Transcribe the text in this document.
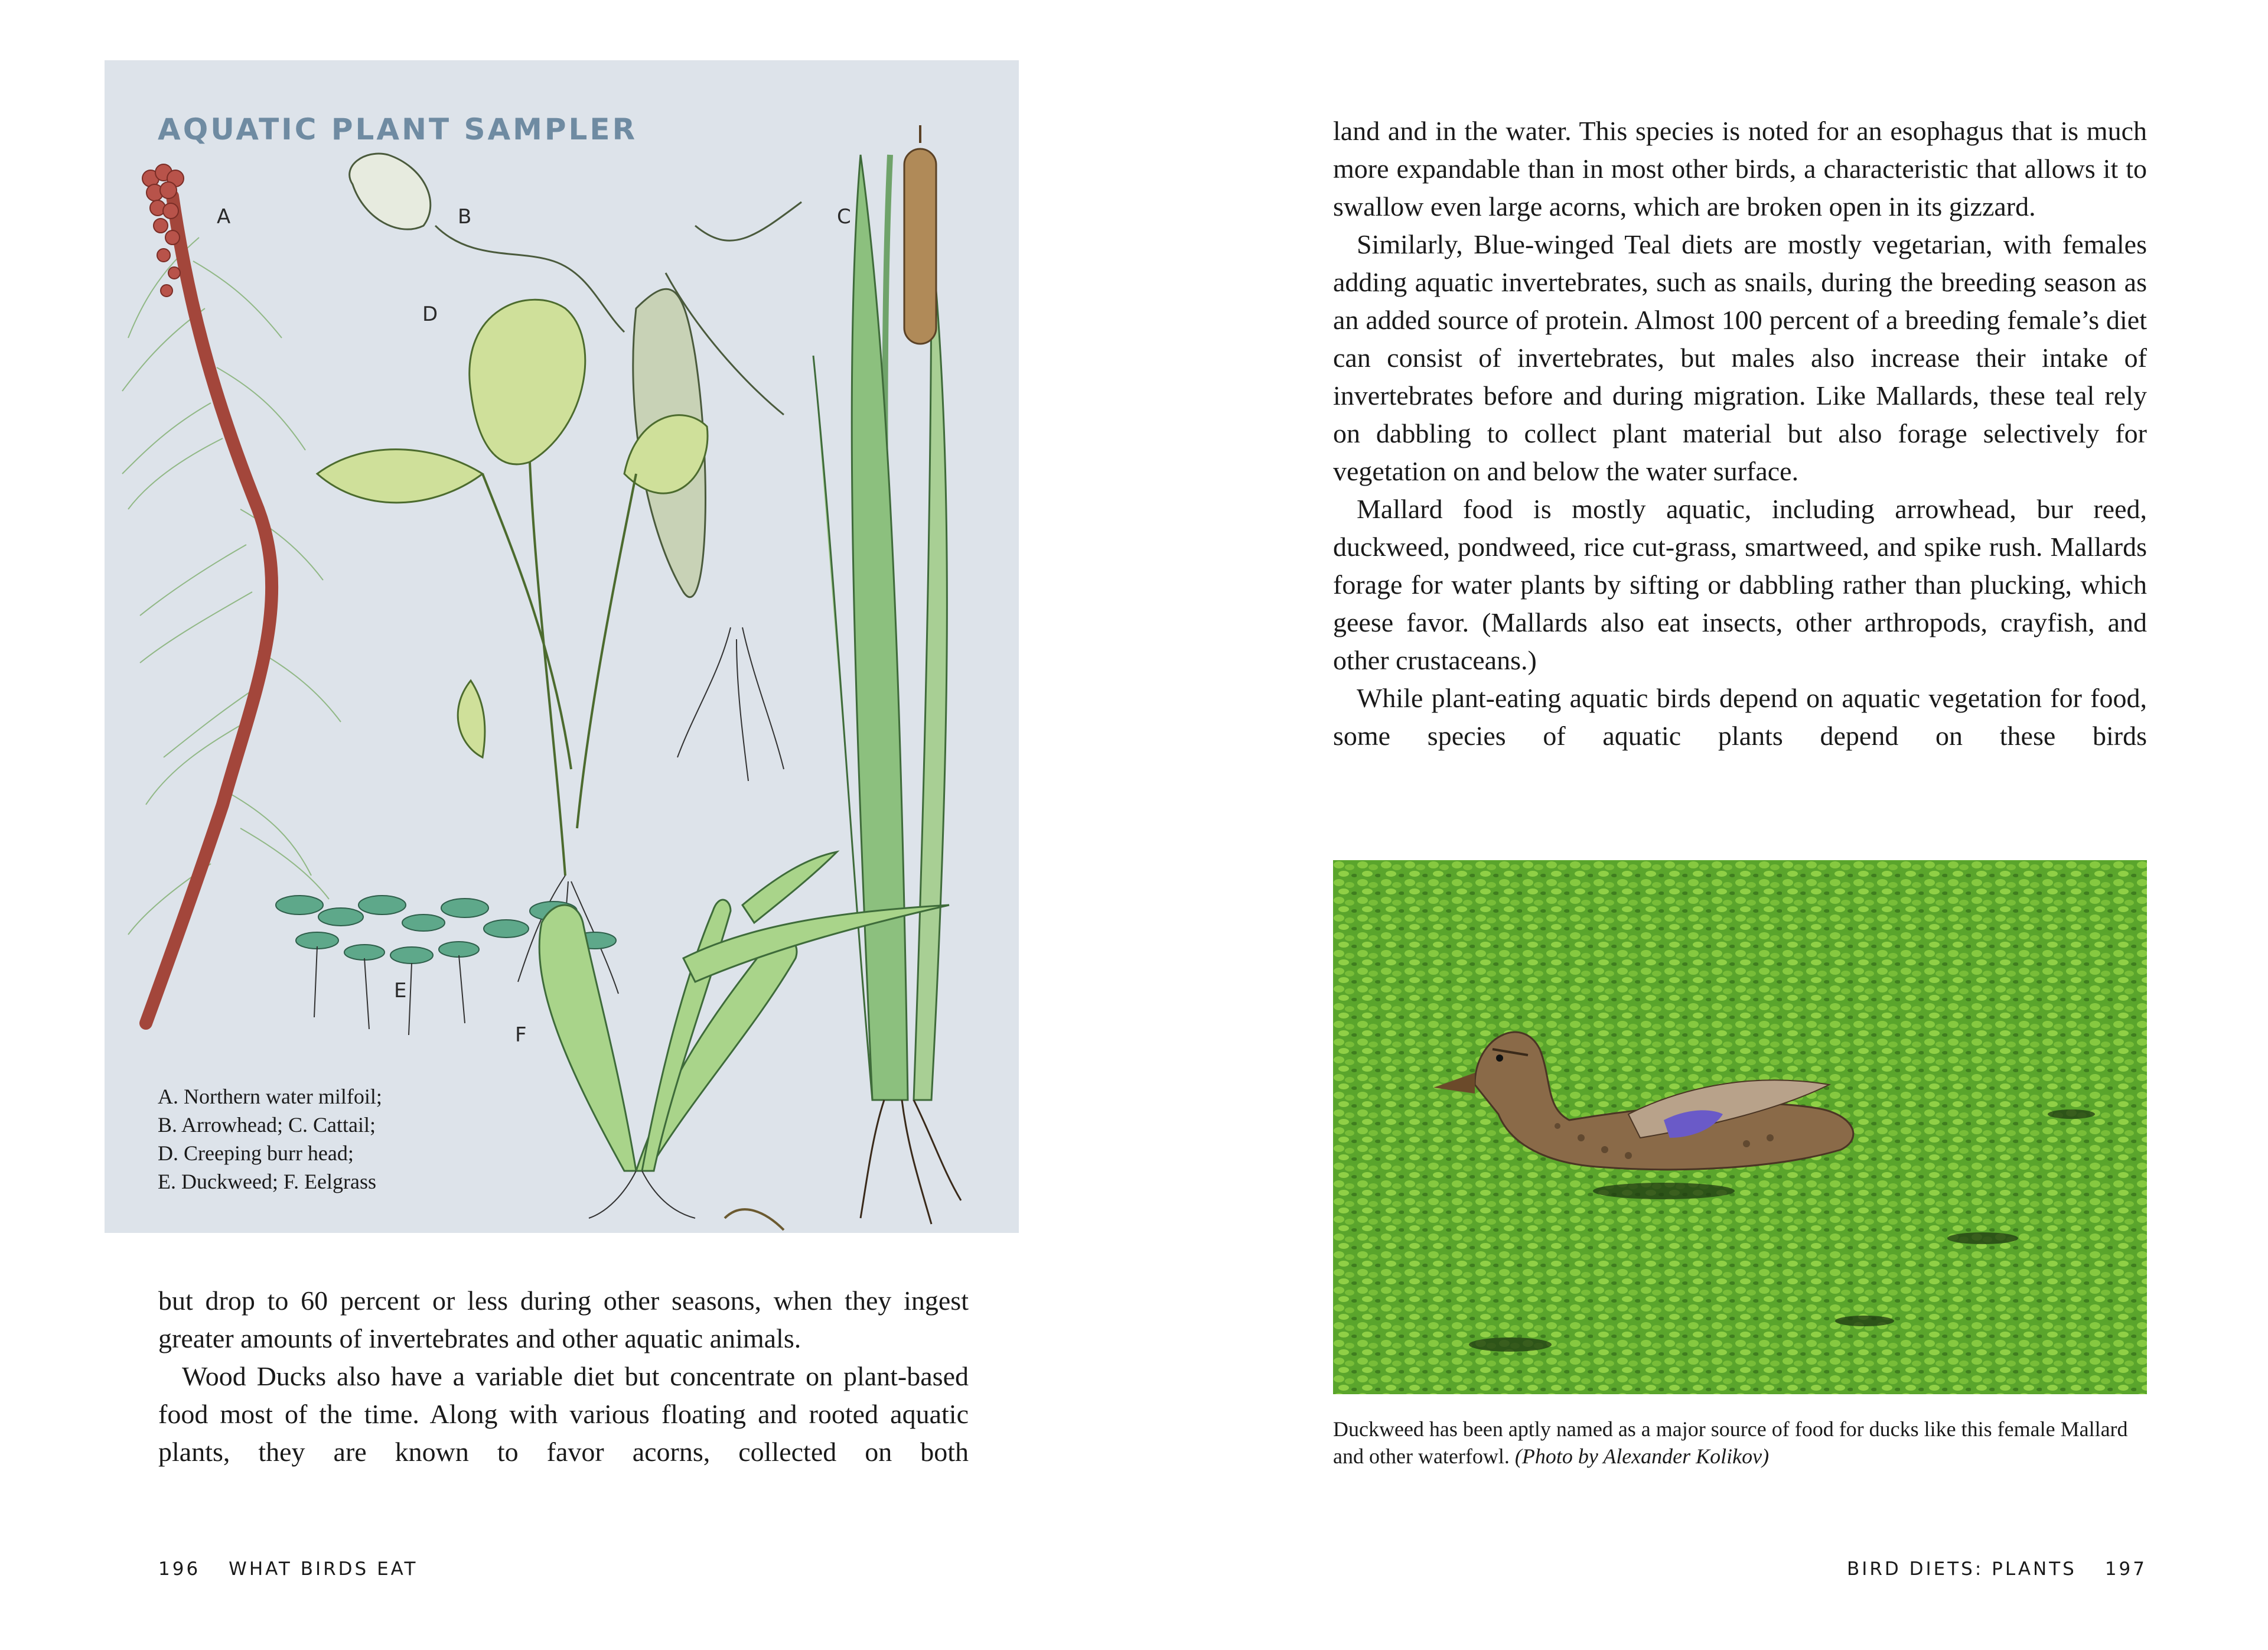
AQUATIC PLANT SAMPLER
A	B	C
D
E
F
A. Northern water milfoil;
B. Arrowhead; C. Cattail;
D. Creeping burr head;
E. Duckweed; F. Eelgrass

but drop to 60 percent or less during other seasons, when they ingest greater amounts of invertebrates and other aquatic animals.

Wood Ducks also have a variable diet but concentrate on plant-based food most of the time. Along with various floating and rooted aquatic plants, they are known to favor acorns, collected on both

196 WHAT BIRDS EAT

land and in the water. This species is noted for an esophagus that is much more expandable than in most other birds, a characteristic that allows it to swallow even large acorns, which are broken open in its gizzard.

Similarly, Blue-winged Teal diets are mostly vegetarian, with females adding aquatic invertebrates, such as snails, during the breeding season as an added source of protein. Almost 100 percent of a breeding female’s diet can consist of invertebrates, but males also increase their intake of invertebrates before and during migration. Like Mallards, these teal rely on dabbling to collect plant material but also forage selectively for vegetation on and below the water surface.

Mallard food is mostly aquatic, including arrowhead, bur reed, duckweed, pondweed, rice cut-grass, smartweed, and spike rush. Mallards forage for water plants by sifting or dabbling rather than plucking, which geese favor. (Mallards also eat insects, other arthropods, crayfish, and other crustaceans.)

While plant-eating aquatic birds depend on aquatic vegetation for food, some species of aquatic plants depend on these birds

Duckweed has been aptly named as a major source of food for ducks like this female Mallard and other waterfowl. (Photo by Alexander Kolikov)
BIRD DIETS: PLANTS 197
